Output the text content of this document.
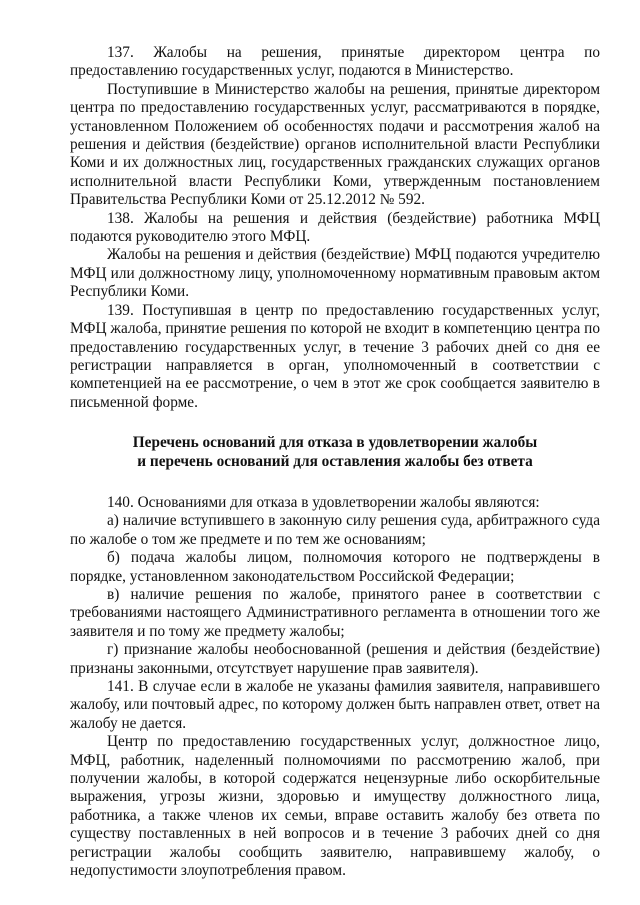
137. Жалобы на решения, принятые директором центра по предоставлению государственных услуг, подаются в Министерство.

Поступившие в Министерство жалобы на решения, принятые директором центра по предоставлению государственных услуг, рассматриваются в порядке, установленном Положением об особенностях подачи и рассмотрения жалоб на решения и действия (бездействие) органов исполнительной власти Республики Коми и их должностных лиц, государственных гражданских служащих органов исполнительной власти Республики Коми, утвержденным постановлением Правительства Республики Коми от 25.12.2012 № 592.

138. Жалобы на решения и действия (бездействие) работника МФЦ подаются руководителю этого МФЦ.

Жалобы на решения и действия (бездействие) МФЦ подаются учредителю МФЦ или должностному лицу, уполномоченному нормативным правовым актом Республики Коми.

139. Поступившая в центр по предоставлению государственных услуг, МФЦ жалоба, принятие решения по которой не входит в компетенцию центра по предоставлению государственных услуг, в течение 3 рабочих дней со дня ее регистрации направляется в орган, уполномоченный в соответствии с компетенцией на ее рассмотрение, о чем в этот же срок сообщается заявителю в письменной форме.

Перечень оснований для отказа в удовлетворении жалобы
и перечень оснований для оставления жалобы без ответа

140. Основаниями для отказа в удовлетворении жалобы являются:

а) наличие вступившего в законную силу решения суда, арбитражного суда по жалобе о том же предмете и по тем же основаниям;

б) подача жалобы лицом, полномочия которого не подтверждены в порядке, установленном законодательством Российской Федерации;

в) наличие решения по жалобе, принятого ранее в соответствии с требованиями настоящего Административного регламента в отношении того же заявителя и по тому же предмету жалобы;

г) признание жалобы необоснованной (решения и действия (бездействие) признаны законными, отсутствует нарушение прав заявителя).

141. В случае если в жалобе не указаны фамилия заявителя, направившего жалобу, или почтовый адрес, по которому должен быть направлен ответ, ответ на жалобу не дается.

Центр по предоставлению государственных услуг, должностное лицо, МФЦ, работник, наделенный полномочиями по рассмотрению жалоб, при получении жалобы, в которой содержатся нецензурные либо оскорбительные выражения, угрозы жизни, здоровью и имуществу должностного лица, работника, а также членов их семьи, вправе оставить жалобу без ответа по существу поставленных в ней вопросов и в течение 3 рабочих дней со дня регистрации жалобы сообщить заявителю, направившему жалобу, о недопустимости злоупотребления правом.
